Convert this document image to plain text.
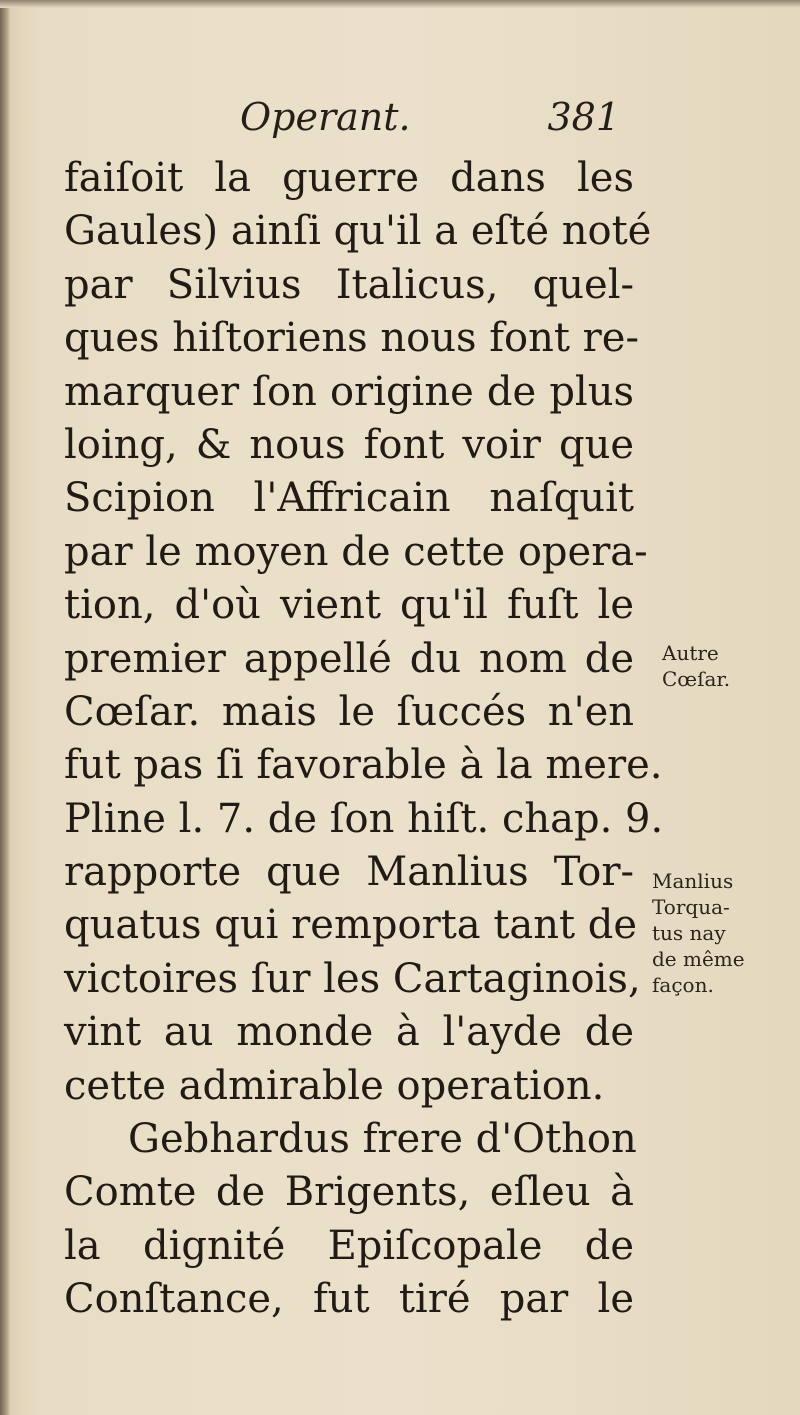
Operant.	381
faiſoit la guerre dans les
Gaules) ainſi qu'il a eſté noté
par Silvius Italicus, quel-
ques hiſtoriens nous font re-
marquer ſon origine de plus
loing, & nous font voir que
Scipion l'Affricain naſquit
par le moyen de cette opera-
tion, d'où vient qu'il fuſt le
premier appellé du nom de
Cœſar. mais le ſuccés n'en
fut pas ſi favorable à la mere.
Pline l. 7. de ſon hiſt. chap. 9.
rapporte que Manlius Tor-
quatus qui remporta tant de
victoires ſur les Cartaginois,
vint au monde à l'ayde de
cette admirable operation.
Gebhardus frere d'Othon
Comte de Brigents, eſleu à
la dignité Epiſcopale de
Conſtance, fut tiré par le
Autre
Cœſar.
Manlius
Torqua-
tus nay
de même
façon.
